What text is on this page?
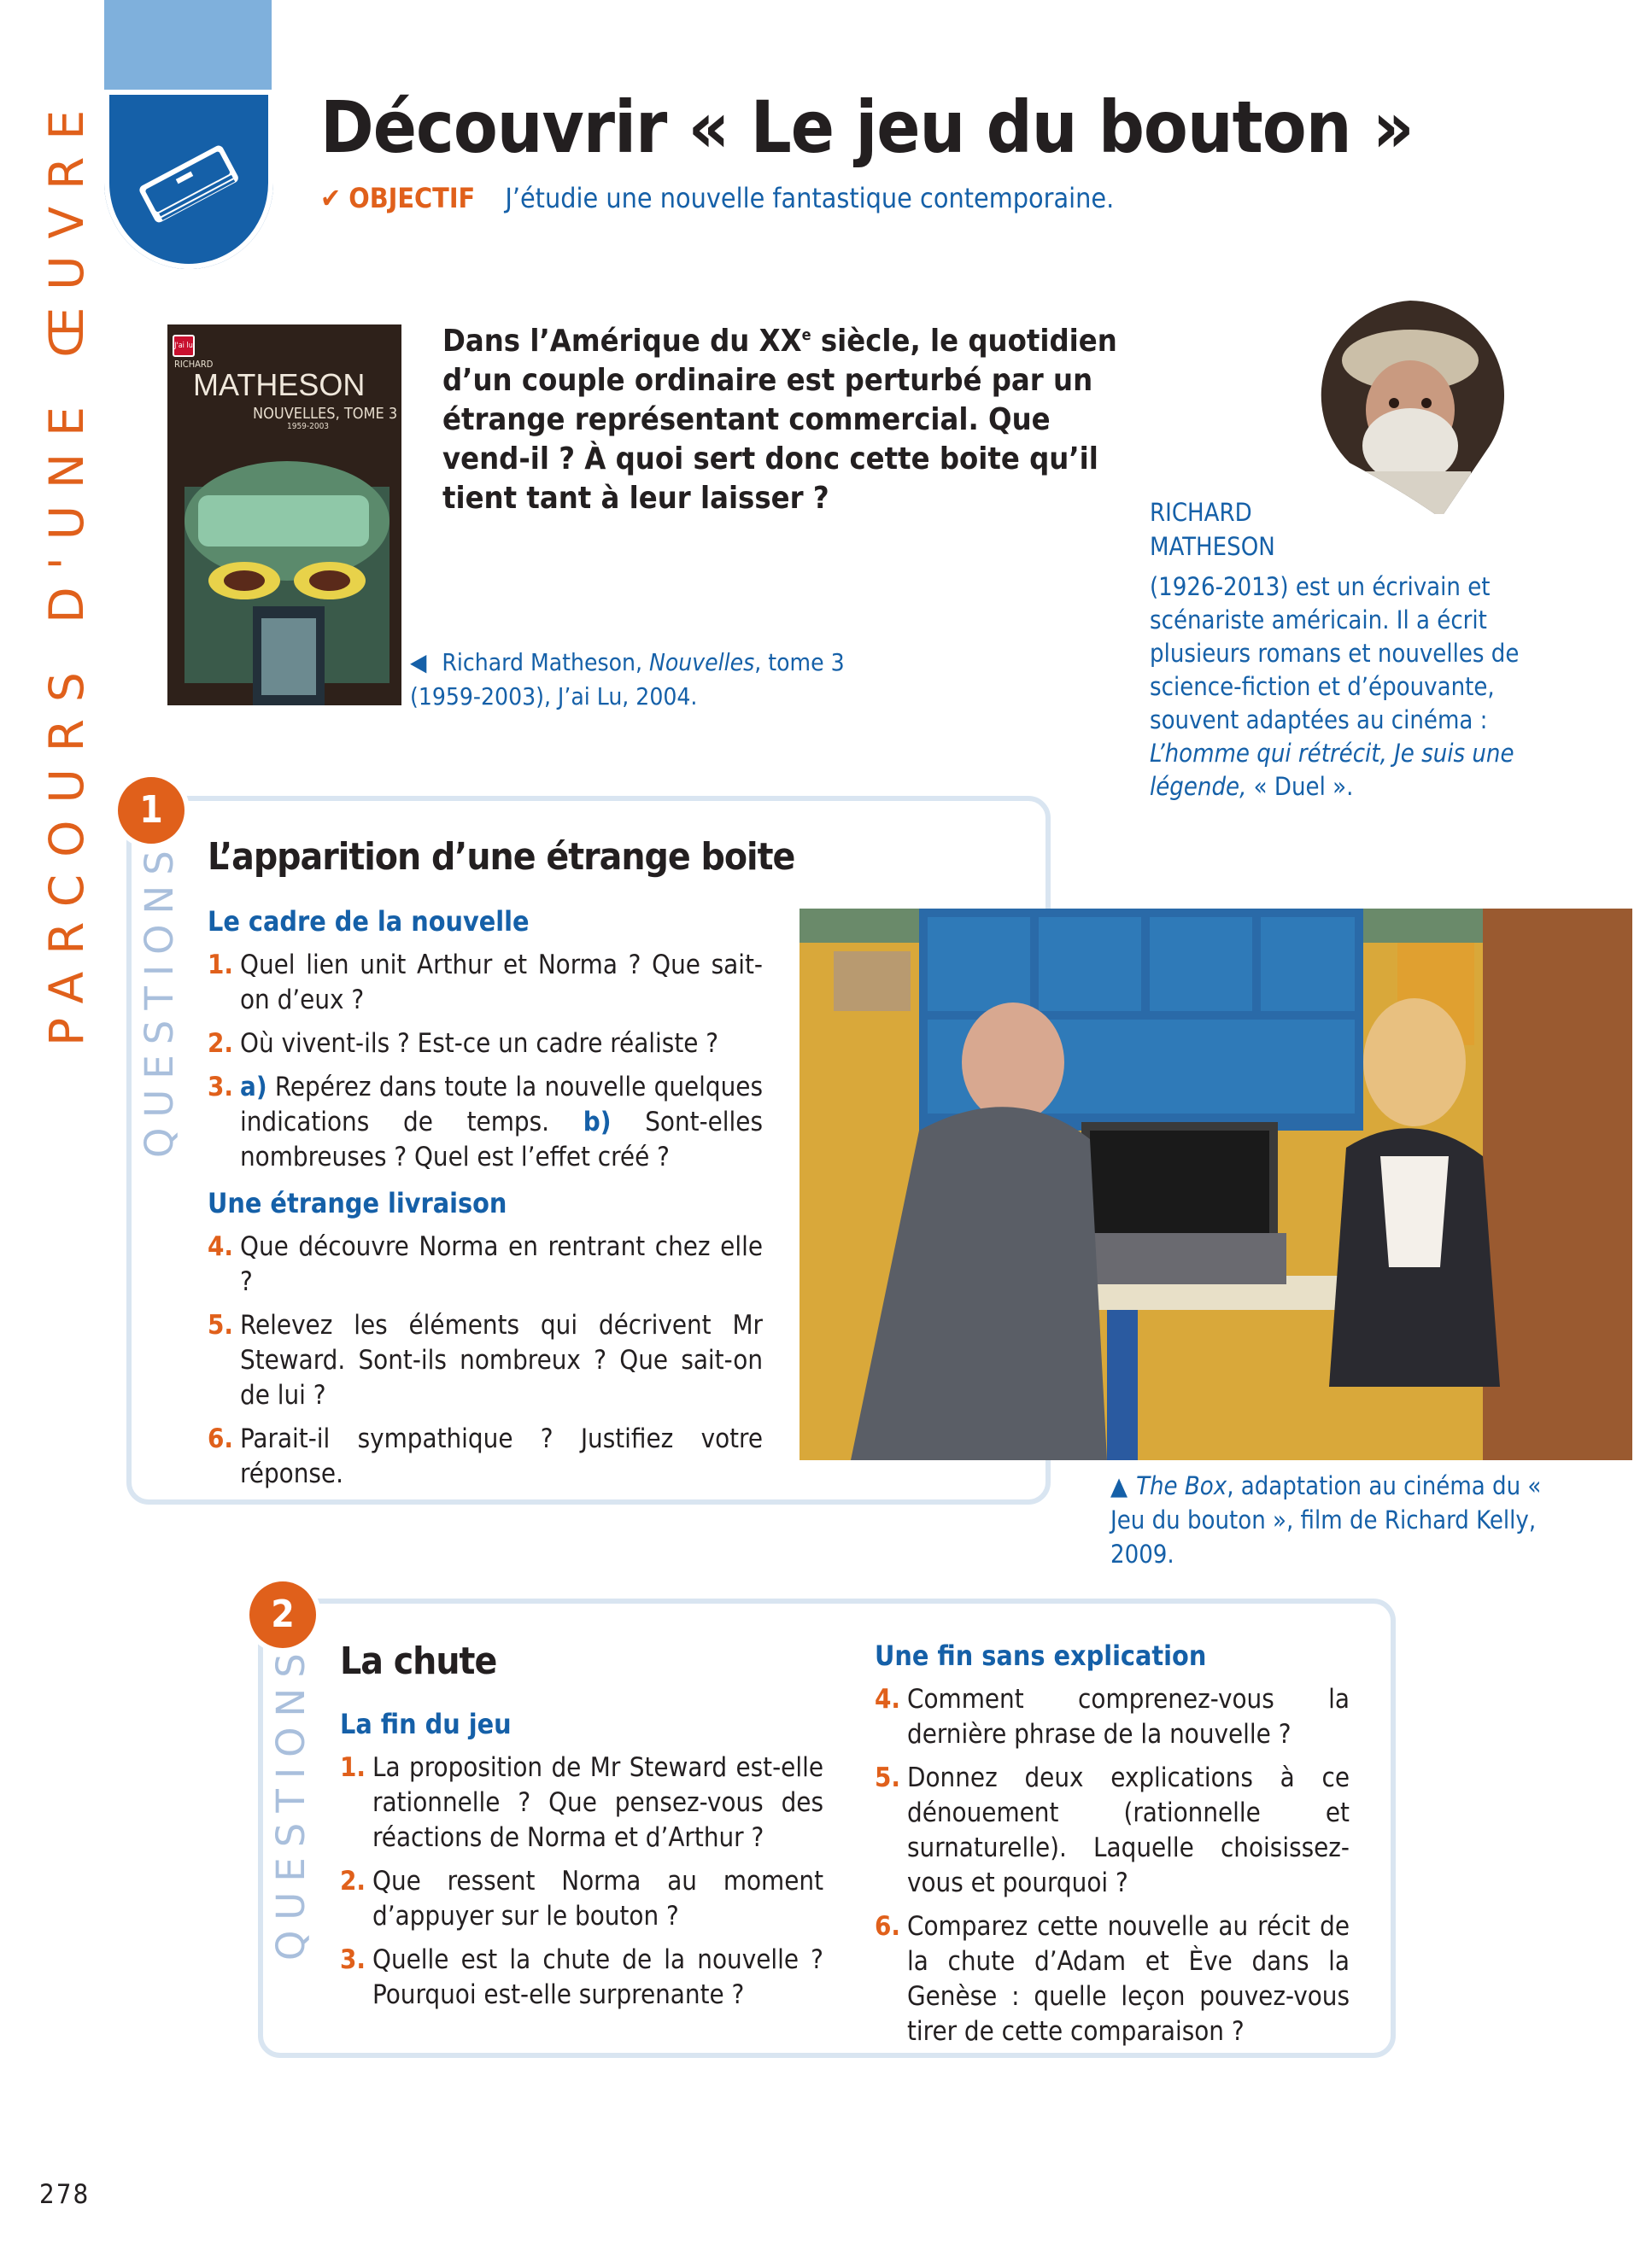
PARCOURS D'UNE ŒUVRE	Découvrir « Le jeu du bouton »
✔ OBJECTIF J’étudie une nouvelle fantastique contemporaine.
J'ai lu
RICHARD
MATHESON
NOUVELLES, TOME 3
1959-2003
Dans l’Amérique du XXe siècle, le quotidien d’un couple ordinaire est perturbé par un étrange représentant commercial. Que vend-il ? À quoi sert donc cette boite qu’il tient tant à leur laisser ?
◀ Richard Matheson, Nouvelles, tome 3 (1959-2003), J’ai Lu, 2004.
RICHARD
MATHESON
(1926-2013) est un écrivain et scénariste américain. Il a écrit plusieurs romans et nouvelles de science-fiction et d’épouvante, souvent adaptées au cinéma : L’homme qui rétrécit, Je suis une légende, « Duel ».
1
QUESTIONS L’apparition d’une étrange boite
Le cadre de la nouvelle
1. Quel lien unit Arthur et Norma ? Que sait-on d’eux ?
2. Où vivent-ils ? Est-ce un cadre réaliste ?
3. a) Repérez dans toute la nouvelle quelques indications de temps. b) Sont-elles nombreuses ? Quel est l’effet créé ?
Une étrange livraison
4. Que découvre Norma en rentrant chez elle ?
5. Relevez les éléments qui décrivent Mr Steward. Sont-ils nombreux ? Que sait-on de lui ?
6. Parait-il sympathique ? Justifiez votre réponse.	▲ The Box, adaptation au cinéma du « Jeu du bouton », film de Richard Kelly, 2009.
2
QUESTIONS La chute
La fin du jeu
1. La proposition de Mr Steward est-elle rationnelle ? Que pensez-vous des réactions de Norma et d’Arthur ?
2. Que ressent Norma au moment d’appuyer sur le bouton ?
3. Quelle est la chute de la nouvelle ? Pourquoi est-elle surprenante ?
Une fin sans explication
4. Comment comprenez-vous la dernière phrase de la nouvelle ?
5. Donnez deux explications à ce dénouement (rationnelle et surnaturelle). Laquelle choisissez-vous et pourquoi ?
6. Comparez cette nouvelle au récit de la chute d’Adam et Ève dans la Genèse : quelle leçon pouvez-vous tirer de cette comparaison ?
278
